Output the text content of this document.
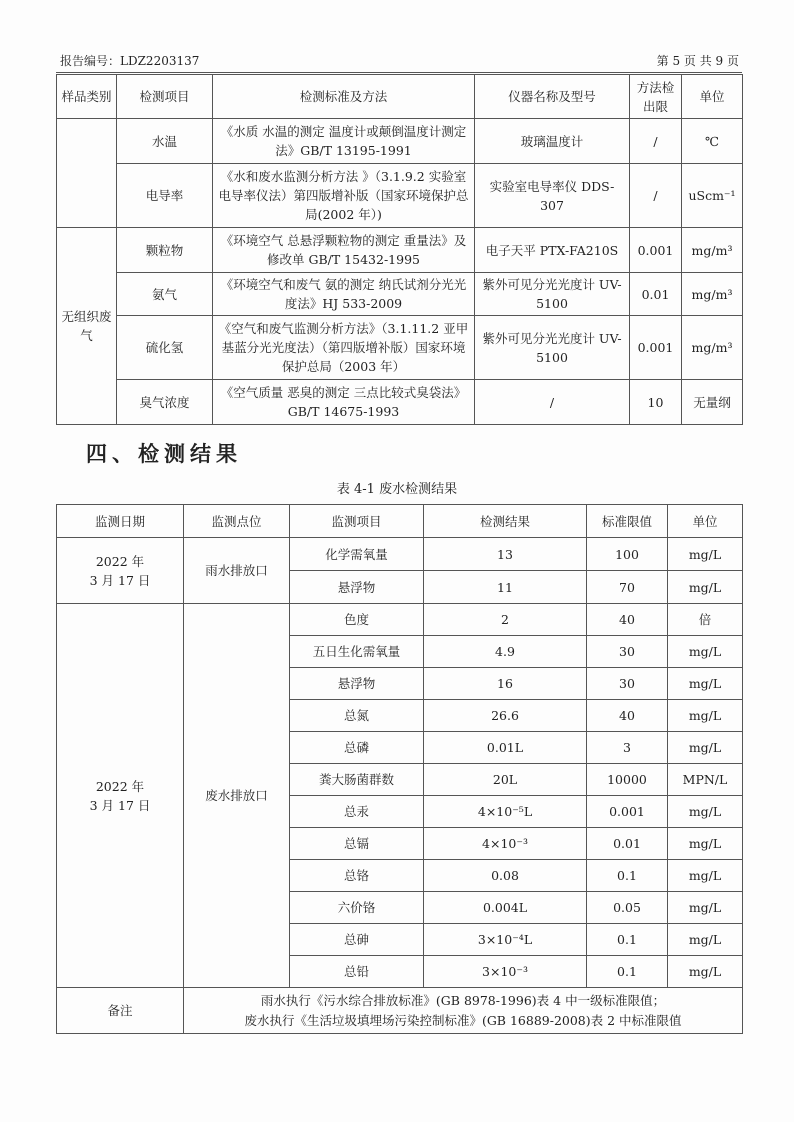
报告编号：LDZ2203137	第 5 页 共 9 页
样品类别	检测项目	检测标准及方法	仪器名称及型号	方法检出限	单位
	水温	《水质 水温的测定 温度计或颠倒温度计测定法》GB/T 13195-1991	玻璃温度计	/	℃
	电导率	《水和废水监测分析方法 》（3.1.9.2 实验室电导率仪法）第四版增补版（国家环境保护总局(2002 年）)	实验室电导率仪 DDS-307	/	uScm⁻¹
无组织废气	颗粒物	《环境空气 总悬浮颗粒物的测定 重量法》及修改单 GB/T 15432-1995	电子天平 PTX-FA210S	0.001	mg/m³
	氨气	《环境空气和废气 氨的测定 纳氏试剂分光光度法》HJ 533-2009	紫外可见分光光度计 UV-5100	0.01	mg/m³
	硫化氢	《空气和废气监测分析方法》（3.1.11.2 亚甲基蓝分光光度法）（第四版增补版）国家环境保护总局（2003 年）	紫外可见分光光度计 UV-5100	0.001	mg/m³
	臭气浓度	《空气质量 恶臭的测定 三点比较式臭袋法》GB/T 14675-1993	/	10	无量纲
四、检测结果
表 4-1 废水检测结果
监测日期	监测点位	监测项目	检测结果	标准限值	单位
2022 年
3 月 17 日	雨水排放口	化学需氧量	13	100	mg/L
		悬浮物	11	70	mg/L
2022 年
3 月 17 日	废水排放口	色度	2	40	倍
		五日生化需氧量	4.9	30	mg/L
		悬浮物	16	30	mg/L
		总氮	26.6	40	mg/L
		总磷	0.01L	3	mg/L
		粪大肠菌群数	20L	10000	MPN/L
		总汞	4×10⁻⁵L	0.001	mg/L
		总镉	4×10⁻³	0.01	mg/L
		总铬	0.08	0.1	mg/L
		六价铬	0.004L	0.05	mg/L
		总砷	3×10⁻⁴L	0.1	mg/L
		总铅	3×10⁻³	0.1	mg/L
备注	雨水执行《污水综合排放标准》(GB 8978-1996)表 4 中一级标准限值；
废水执行《生活垃圾填埋场污染控制标准》(GB 16889-2008)表 2 中标准限值				
